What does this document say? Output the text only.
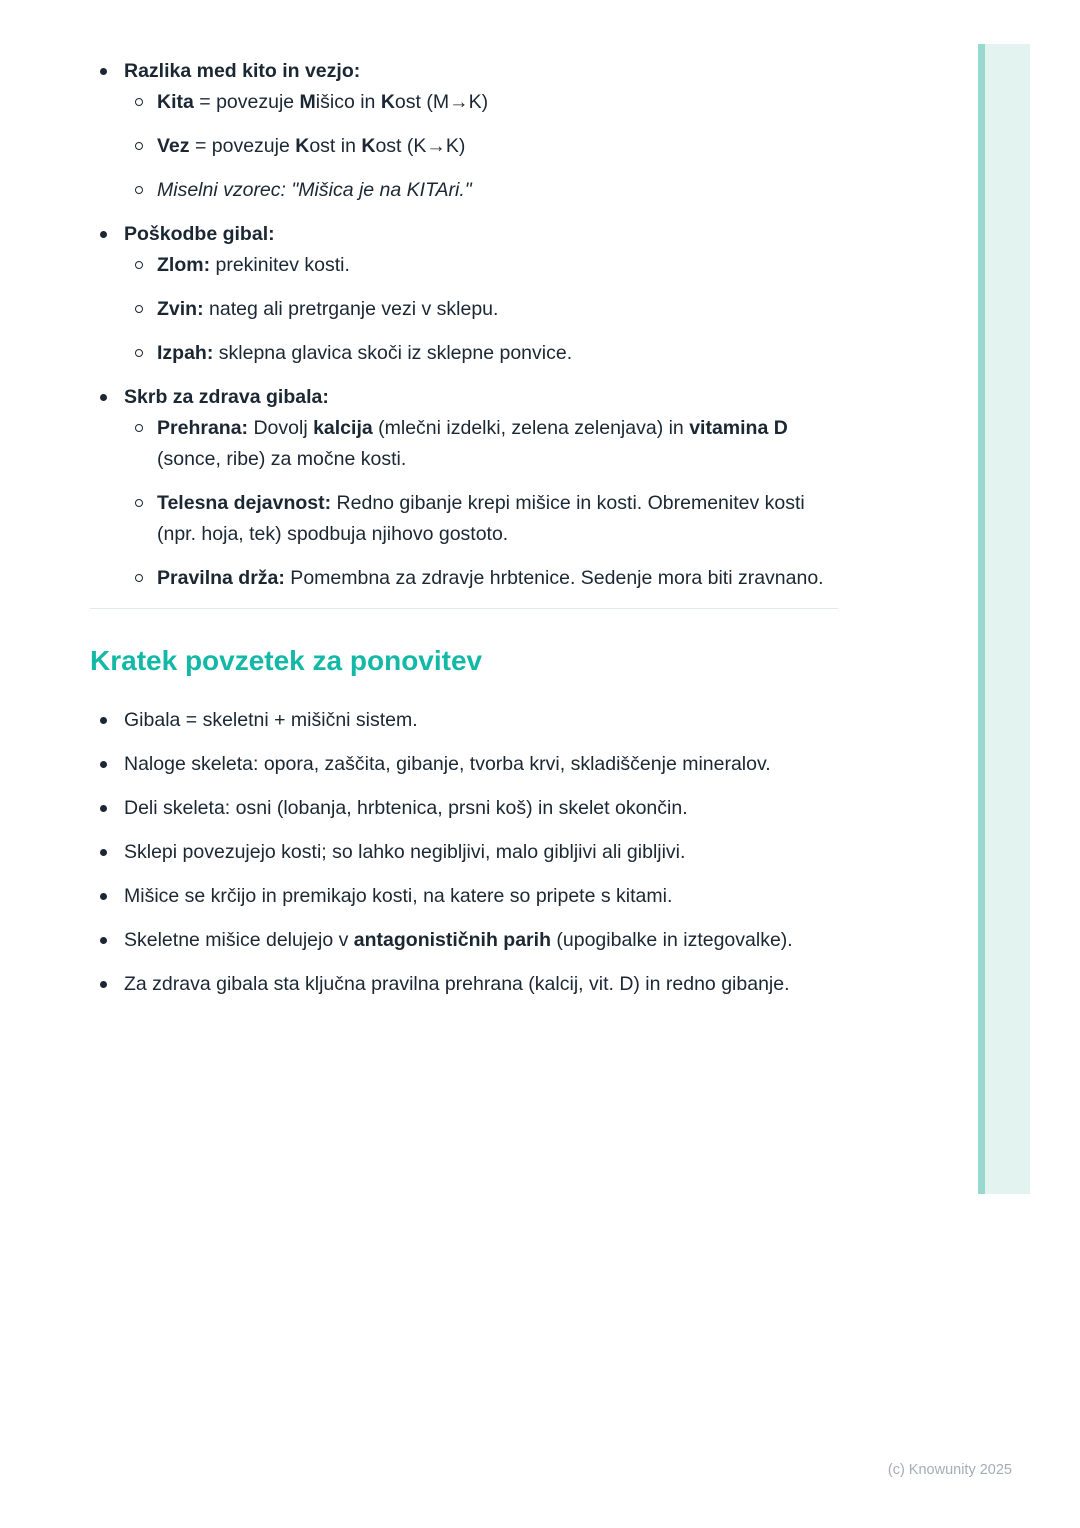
Razlika med kito in vezjo:
Kita = povezuje Mišico in Kost (M→K)
Vez = povezuje Kost in Kost (K→K)
Miselni vzorec: "Mišica je na KITAri."
Poškodbe gibal:
Zlom: prekinitev kosti.
Zvin: nateg ali pretrganje vezi v sklepu.
Izpah: sklepna glavica skoči iz sklepne ponvice.
Skrb za zdrava gibala:
Prehrana: Dovolj kalcija (mlečni izdelki, zelena zelenjava) in vitamina D (sonce, ribe) za močne kosti.
Telesna dejavnost: Redno gibanje krepi mišice in kosti. Obremenitev kosti (npr. hoja, tek) spodbuja njihovo gostoto.
Pravilna drža: Pomembna za zdravje hrbtenice. Sedenje mora biti zravnano.
Kratek povzetek za ponovitev
Gibala = skeletni + mišični sistem.
Naloge skeleta: opora, zaščita, gibanje, tvorba krvi, skladiščenje mineralov.
Deli skeleta: osni (lobanja, hrbtenica, prsni koš) in skelet okončin.
Sklepi povezujejo kosti; so lahko negibljivi, malo gibljivi ali gibljivi.
Mišice se krčijo in premikajo kosti, na katere so pripete s kitami.
Skeletne mišice delujejo v antagonističnih parih (upogibalke in iztegovalke).
Za zdrava gibala sta ključna pravilna prehrana (kalcij, vit. D) in redno gibanje.
(c) Knowunity 2025
